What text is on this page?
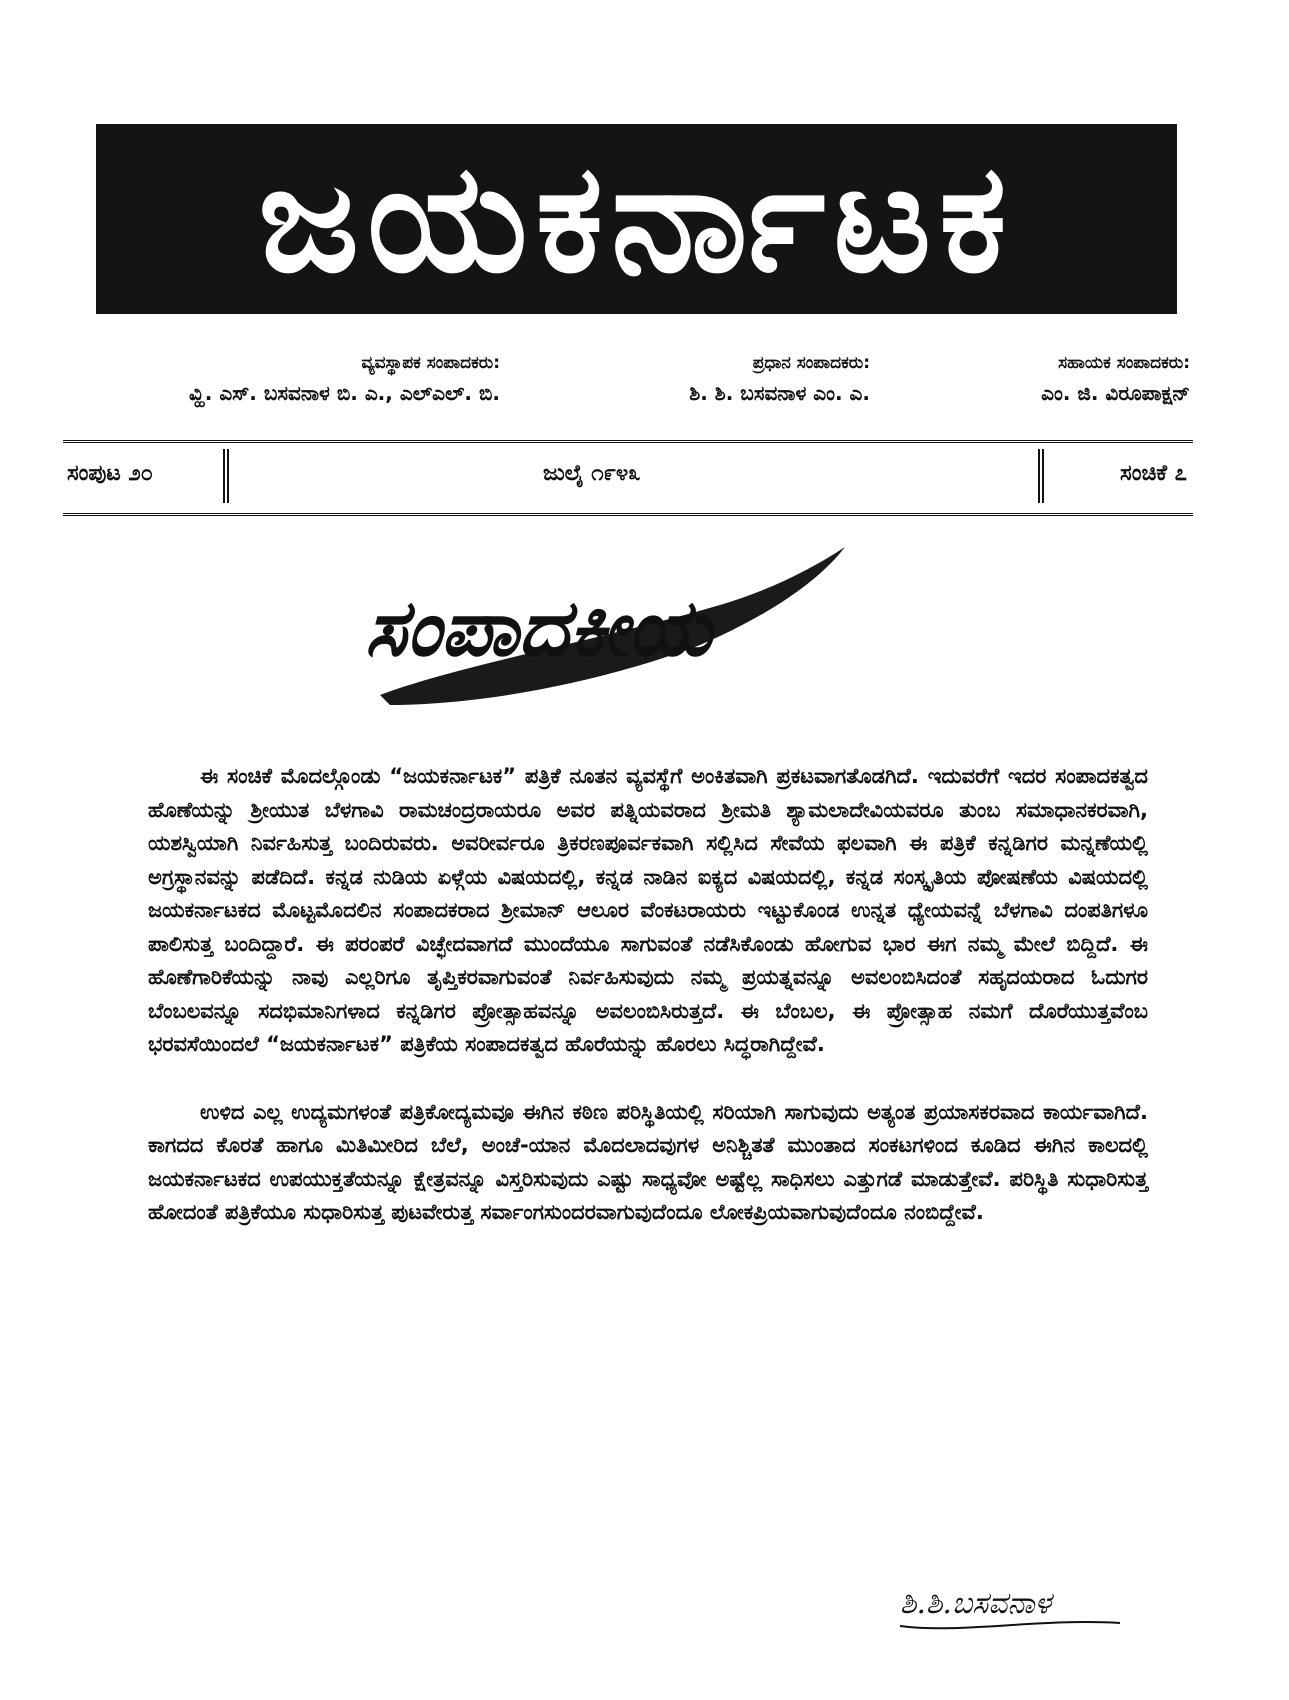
ಜಯಕರ್ನಾಟಕ
ವ್ಯವಸ್ಥಾಪಕ ಸಂಪಾದಕರು:
ವ್ಹಿ. ಎಸ್. ಬಸವನಾಳ ಬಿ. ಎ., ಎಲ್‌ಎಲ್. ಬಿ.
ಪ್ರಧಾನ ಸಂಪಾದಕರು:
ಶಿ. ಶಿ. ಬಸವನಾಳ ಎಂ. ಎ.
ಸಹಾಯಕ ಸಂಪಾದಕರು:
ಎಂ. ಜಿ. ವಿರೂಪಾಕ್ಷನ್
ಸಂಪುಟ ೨೦	ಜುಲೈ ೧೯೪೩	ಸಂಚಿಕೆ ೭
ಸಂಪಾದಕೀಯ

ಈ ಸಂಚಿಕೆ ಮೊದಲ್ಗೊಂಡು “ಜಯಕರ್ನಾಟಕ” ಪತ್ರಿಕೆ ನೂತನ ವ್ಯವಸ್ಥೆಗೆ ಅಂಕಿತವಾಗಿ ಪ್ರಕಟವಾಗತೊಡಗಿದೆ. ಇದುವರೆಗೆ ಇದರ ಸಂಪಾದಕತ್ವದ ಹೊಣೆಯನ್ನು ಶ್ರೀಯುತ ಬೆಳಗಾವಿ ರಾಮಚಂದ್ರರಾಯರೂ ಅವರ ಪತ್ನಿಯವರಾದ ಶ್ರೀಮತಿ ಶ್ಯಾಮಲಾದೇವಿಯವರೂ ತುಂಬ ಸಮಾಧಾನಕರವಾಗಿ, ಯಶಸ್ವಿಯಾಗಿ ನಿರ್ವಹಿಸುತ್ತ ಬಂದಿರುವರು. ಅವರೀರ್ವರೂ ತ್ರಿಕರಣಪೂರ್ವಕವಾಗಿ ಸಲ್ಲಿಸಿದ ಸೇವೆಯ ಫಲವಾಗಿ ಈ ಪತ್ರಿಕೆ ಕನ್ನಡಿಗರ ಮನ್ನಣೆಯಲ್ಲಿ ಅಗ್ರಸ್ಥಾನವನ್ನು ಪಡೆದಿದೆ. ಕನ್ನಡ ನುಡಿಯ ಏಳ್ಗೆಯ ವಿಷಯದಲ್ಲಿ, ಕನ್ನಡ ನಾಡಿನ ಐಕ್ಯದ ವಿಷಯದಲ್ಲಿ, ಕನ್ನಡ ಸಂಸ್ಕೃತಿಯ ಪೋಷಣೆಯ ವಿಷಯದಲ್ಲಿ ಜಯಕರ್ನಾಟಕದ ಮೊಟ್ಟಮೊದಲಿನ ಸಂಪಾದಕರಾದ ಶ್ರೀಮಾನ್ ಆಲೂರ ವೆಂಕಟರಾಯರು ಇಟ್ಟುಕೊಂಡ ಉನ್ನತ ಧ್ಯೇಯವನ್ನೆ ಬೆಳಗಾವಿ ದಂಪತಿಗಳೂ ಪಾಲಿಸುತ್ತ ಬಂದಿದ್ದಾರೆ. ಈ ಪರಂಪರೆ ವಿಚ್ಛೇದವಾಗದೆ ಮುಂದೆಯೂ ಸಾಗುವಂತೆ ನಡೆಸಿಕೊಂಡು ಹೋಗುವ ಭಾರ ಈಗ ನಮ್ಮ ಮೇಲೆ ಬಿದ್ದಿದೆ. ಈ ಹೊಣೆಗಾರಿಕೆಯನ್ನು ನಾವು ಎಲ್ಲರಿಗೂ ತೃಪ್ತಿಕರವಾಗುವಂತೆ ನಿರ್ವಹಿಸುವುದು ನಮ್ಮ ಪ್ರಯತ್ನವನ್ನೂ ಅವಲಂಬಿಸಿದಂತೆ ಸಹೃದಯರಾದ ಓದುಗರ ಬೆಂಬಲವನ್ನೂ ಸದಭಿಮಾನಿಗಳಾದ ಕನ್ನಡಿಗರ ಪ್ರೋತ್ಸಾಹವನ್ನೂ ಅವಲಂಬಿಸಿರುತ್ತದೆ. ಈ ಬೆಂಬಲ, ಈ ಪ್ರೋತ್ಸಾಹ ನಮಗೆ ದೊರೆಯುತ್ತವೆಂಬ ಭರವಸೆಯಿಂದಲೆ “ಜಯಕರ್ನಾಟಕ” ಪತ್ರಿಕೆಯ ಸಂಪಾದಕತ್ವದ ಹೊರೆಯನ್ನು ಹೊರಲು ಸಿದ್ಧರಾಗಿದ್ದೇವೆ.

ಉಳಿದ ಎಲ್ಲ ಉದ್ಯಮಗಳಂತೆ ಪತ್ರಿಕೋದ್ಯಮವೂ ಈಗಿನ ಕಠಿಣ ಪರಿಸ್ಥಿತಿಯಲ್ಲಿ ಸರಿಯಾಗಿ ಸಾಗುವುದು ಅತ್ಯಂತ ಪ್ರಯಾಸಕರವಾದ ಕಾರ್ಯವಾಗಿದೆ. ಕಾಗದದ ಕೊರತೆ ಹಾಗೂ ಮಿತಿಮೀರಿದ ಬೆಲೆ, ಅಂಚೆ-ಯಾನ ಮೊದಲಾದವುಗಳ ಅನಿಶ್ಚಿತತೆ ಮುಂತಾದ ಸಂಕಟಗಳಿಂದ ಕೂಡಿದ ಈಗಿನ ಕಾಲದಲ್ಲಿ ಜಯಕರ್ನಾಟಕದ ಉಪಯುಕ್ತತೆಯನ್ನೂ ಕ್ಷೇತ್ರವನ್ನೂ ವಿಸ್ತರಿಸುವುದು ಎಷ್ಟು ಸಾಧ್ಯವೋ ಅಷ್ಟೆಲ್ಲ ಸಾಧಿಸಲು ಎತ್ತುಗಡೆ ಮಾಡುತ್ತೇವೆ. ಪರಿಸ್ಥಿತಿ ಸುಧಾರಿಸುತ್ತ ಹೋದಂತೆ ಪತ್ರಿಕೆಯೂ ಸುಧಾರಿಸುತ್ತ ಪುಟವೇರುತ್ತ ಸರ್ವಾಂಗಸುಂದರವಾಗುವುದೆಂದೂ ಲೋಕಪ್ರಿಯವಾಗುವುದೆಂದೂ ನಂಬಿದ್ದೇವೆ.

ಶಿ.ಶಿ.ಬಸವನಾಳ
